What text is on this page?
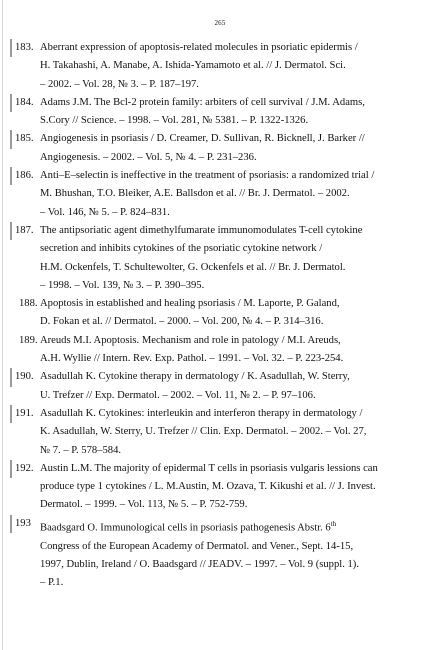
265
183. Aberrant expression of apoptosis-related molecules in psoriatic epidermis /
H. Takahashi, A. Manabe, A. Ishida-Yamamoto et al. // J. Dermatol. Sci.
– 2002. – Vol. 28, № 3. – P. 187–197.
184. Adams J.M. The Bcl-2 protein family: arbiters of cell survival / J.M. Adams,
S.Cory // Science. – 1998. – Vol. 281, № 5381. – P. 1322-1326.
185. Angiogenesis in psoriasis / D. Creamer, D. Sullivan, R. Bicknell, J. Barker //
Angiogenesis. – 2002. – Vol. 5, № 4. – P. 231–236.
186. Anti–E–selectin is ineffective in the treatment of psoriasis: a randomized trial /
M. Bhushan, T.O. Bleiker, A.E. Ballsdon et al. // Br. J. Dermatol. – 2002.
– Vol. 146, № 5. – P. 824–831.
187. The antipsoriatic agent dimethylfumarate immunomodulates T-cell cytokine
secretion and inhibits cytokines of the psoriatic cytokine network /
H.M. Ockenfels, T. Schultewolter, G. Ockenfels et al. // Br. J. Dermatol.
– 1998. – Vol. 139, № 3. – P. 390–395.
188. Apoptosis in established and healing psoriasis / M. Laporte, P. Galand,
D. Fokan et al. // Dermatol. – 2000. – Vol. 200, № 4. – P. 314–316.
189. Areuds M.I. Apoptosis. Mechanism and role in patology / M.I. Areuds,
A.H. Wyllie // Intern. Rev. Exp. Pathol. – 1991. – Vol. 32. – P. 223-254.
190. Asadullah K. Cytokine therapy in dermatology / K. Asadullah, W. Sterry,
U. Trefzer // Exp. Dermatol. – 2002. – Vol. 11, № 2. – P. 97–106.
191. Asadullah K. Cytokines: interleukin and interferon therapy in dermatology /
K. Asadullah, W. Sterry, U. Trefzer // Clin. Exp. Dermatol. – 2002. – Vol. 27,
№ 7. – P. 578–584.
192. Austin L.M. The majority of epidermal T cells in psoriasis vulgaris lessions can
produce type 1 cytokines / L. M.Austin, M. Ozava, T. Kikushi et al. // J. Invest.
Dermatol. – 1999. – Vol. 113, № 5. – P. 752-759.
193 Baadsgard O. Immunological cells in psoriasis pathogenesis Abstr. 6th
Congress of the European Academy of Dermatol. and Vener., Sept. 14-15,
1997, Dublin, Ireland / O. Baadsgard // JEADV. – 1997. – Vol. 9 (suppl. 1).
– P.1.
